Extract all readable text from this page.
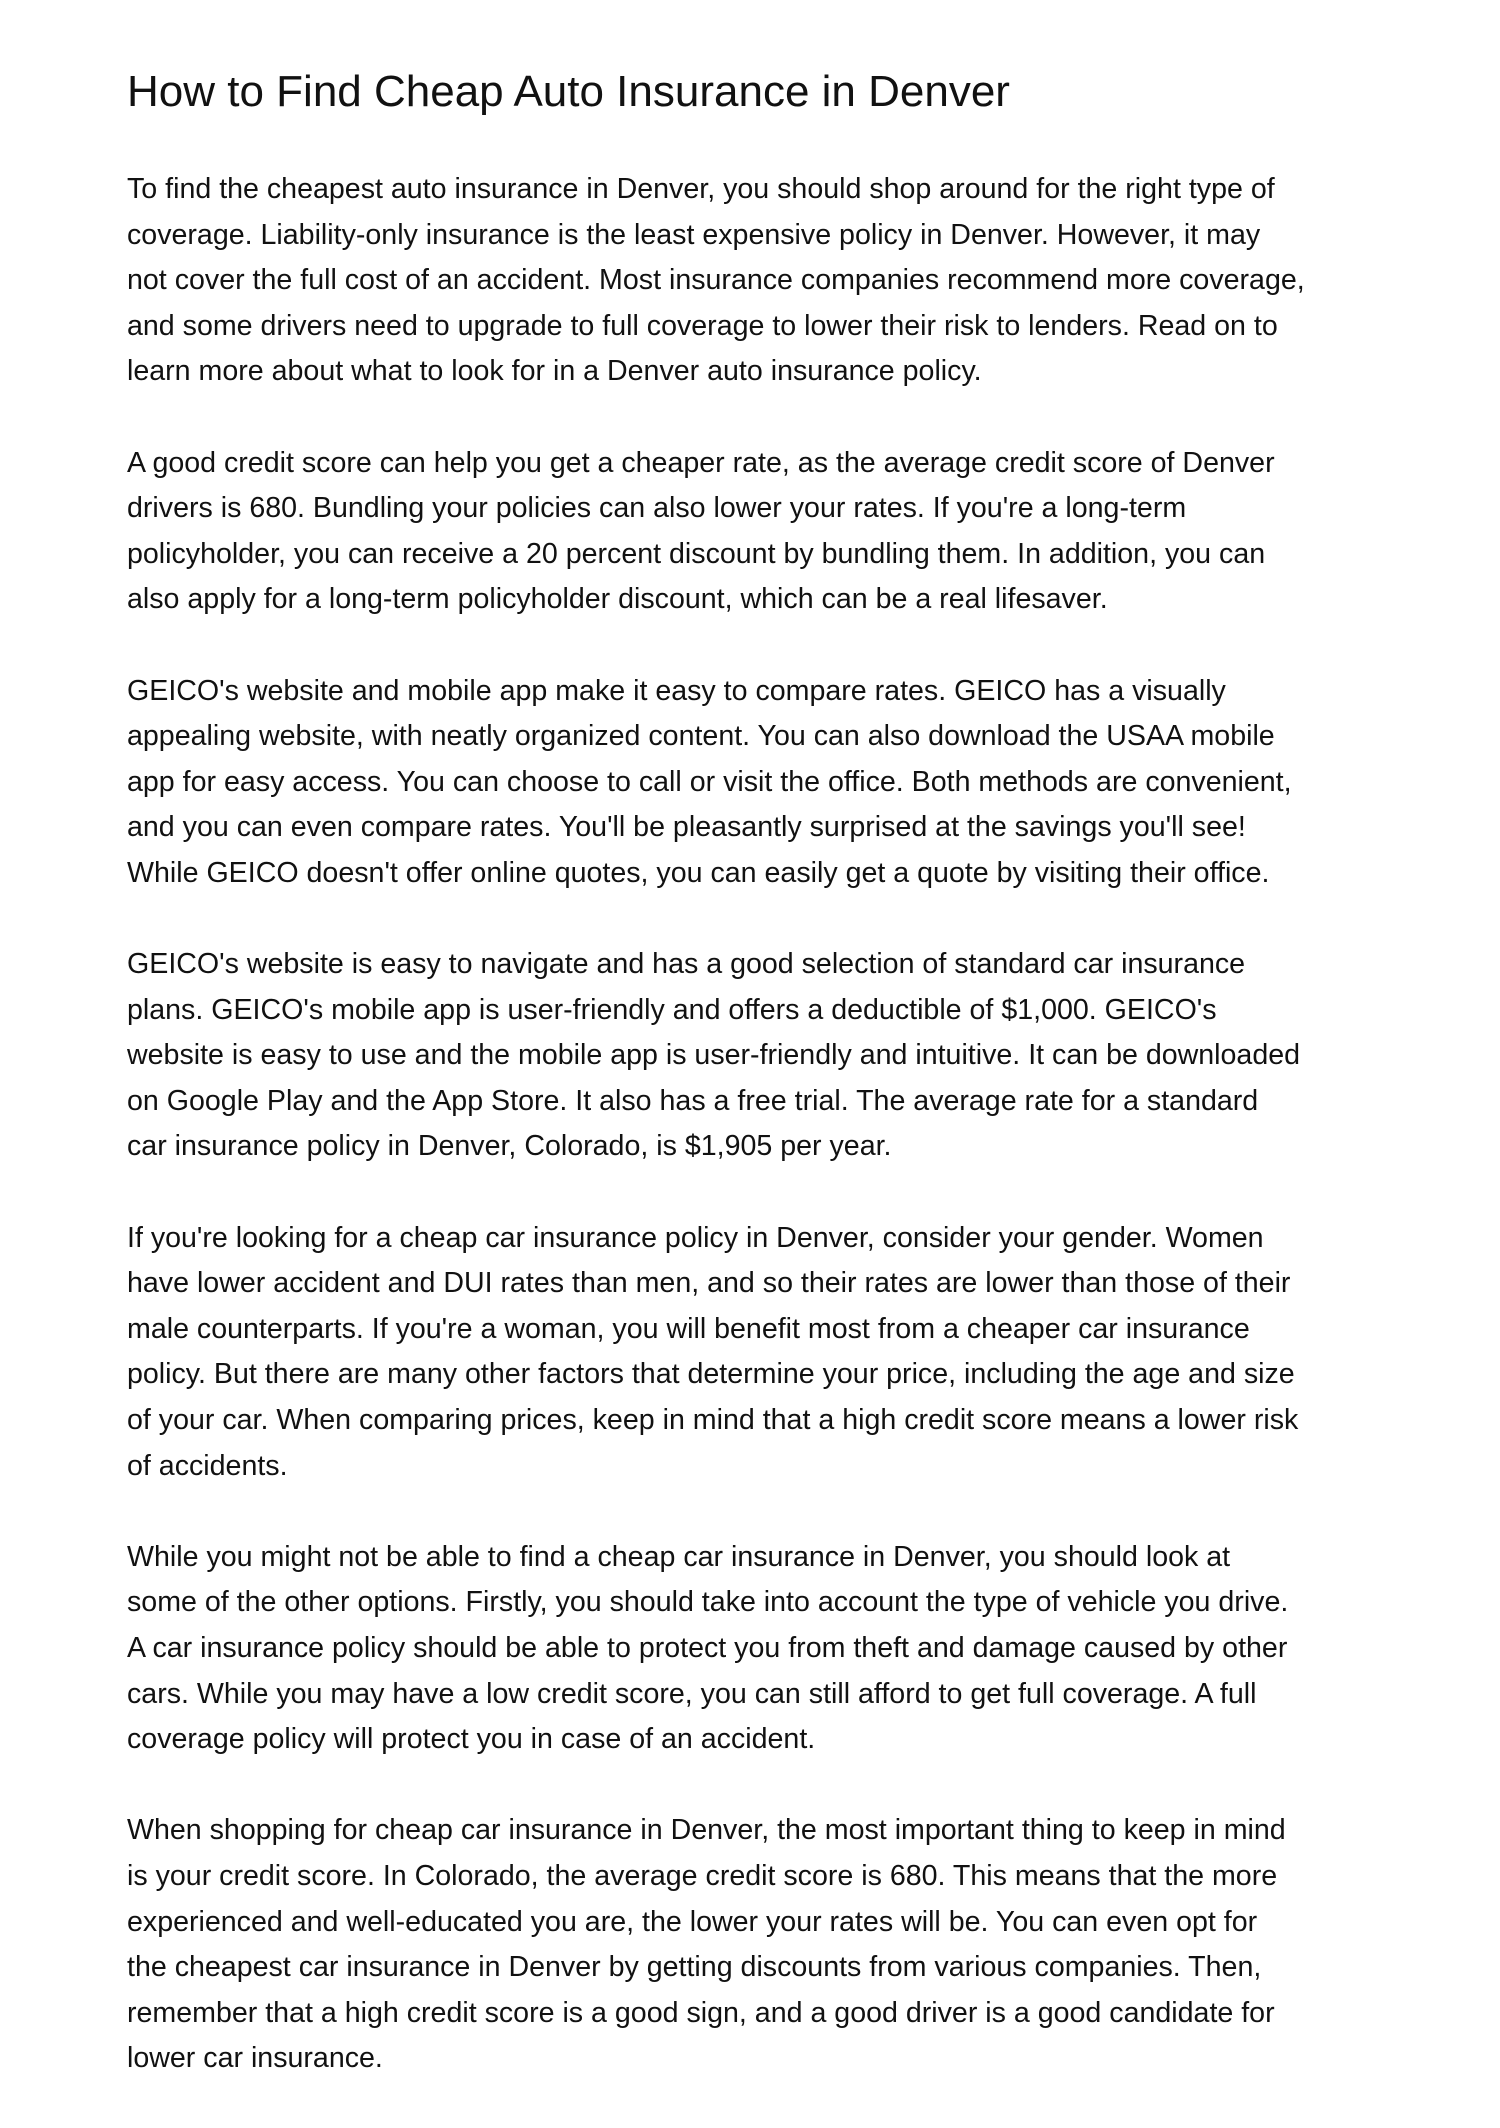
How to Find Cheap Auto Insurance in Denver

To find the cheapest auto insurance in Denver, you should shop around for the right type of
coverage. Liability-only insurance is the least expensive policy in Denver. However, it may
not cover the full cost of an accident. Most insurance companies recommend more coverage,
and some drivers need to upgrade to full coverage to lower their risk to lenders. Read on to
learn more about what to look for in a Denver auto insurance policy.

A good credit score can help you get a cheaper rate, as the average credit score of Denver
drivers is 680. Bundling your policies can also lower your rates. If you're a long-term
policyholder, you can receive a 20 percent discount by bundling them. In addition, you can
also apply for a long-term policyholder discount, which can be a real lifesaver.

GEICO's website and mobile app make it easy to compare rates. GEICO has a visually
appealing website, with neatly organized content. You can also download the USAA mobile
app for easy access. You can choose to call or visit the office. Both methods are convenient,
and you can even compare rates. You'll be pleasantly surprised at the savings you'll see!
While GEICO doesn't offer online quotes, you can easily get a quote by visiting their office.

GEICO's website is easy to navigate and has a good selection of standard car insurance
plans. GEICO's mobile app is user-friendly and offers a deductible of $1,000. GEICO's
website is easy to use and the mobile app is user-friendly and intuitive. It can be downloaded
on Google Play and the App Store. It also has a free trial. The average rate for a standard
car insurance policy in Denver, Colorado, is $1,905 per year.

If you're looking for a cheap car insurance policy in Denver, consider your gender. Women
have lower accident and DUI rates than men, and so their rates are lower than those of their
male counterparts. If you're a woman, you will benefit most from a cheaper car insurance
policy. But there are many other factors that determine your price, including the age and size
of your car. When comparing prices, keep in mind that a high credit score means a lower risk
of accidents.

While you might not be able to find a cheap car insurance in Denver, you should look at
some of the other options. Firstly, you should take into account the type of vehicle you drive.
A car insurance policy should be able to protect you from theft and damage caused by other
cars. While you may have a low credit score, you can still afford to get full coverage. A full
coverage policy will protect you in case of an accident.

When shopping for cheap car insurance in Denver, the most important thing to keep in mind
is your credit score. In Colorado, the average credit score is 680. This means that the more
experienced and well-educated you are, the lower your rates will be. You can even opt for
the cheapest car insurance in Denver by getting discounts from various companies. Then,
remember that a high credit score is a good sign, and a good driver is a good candidate for
lower car insurance.
